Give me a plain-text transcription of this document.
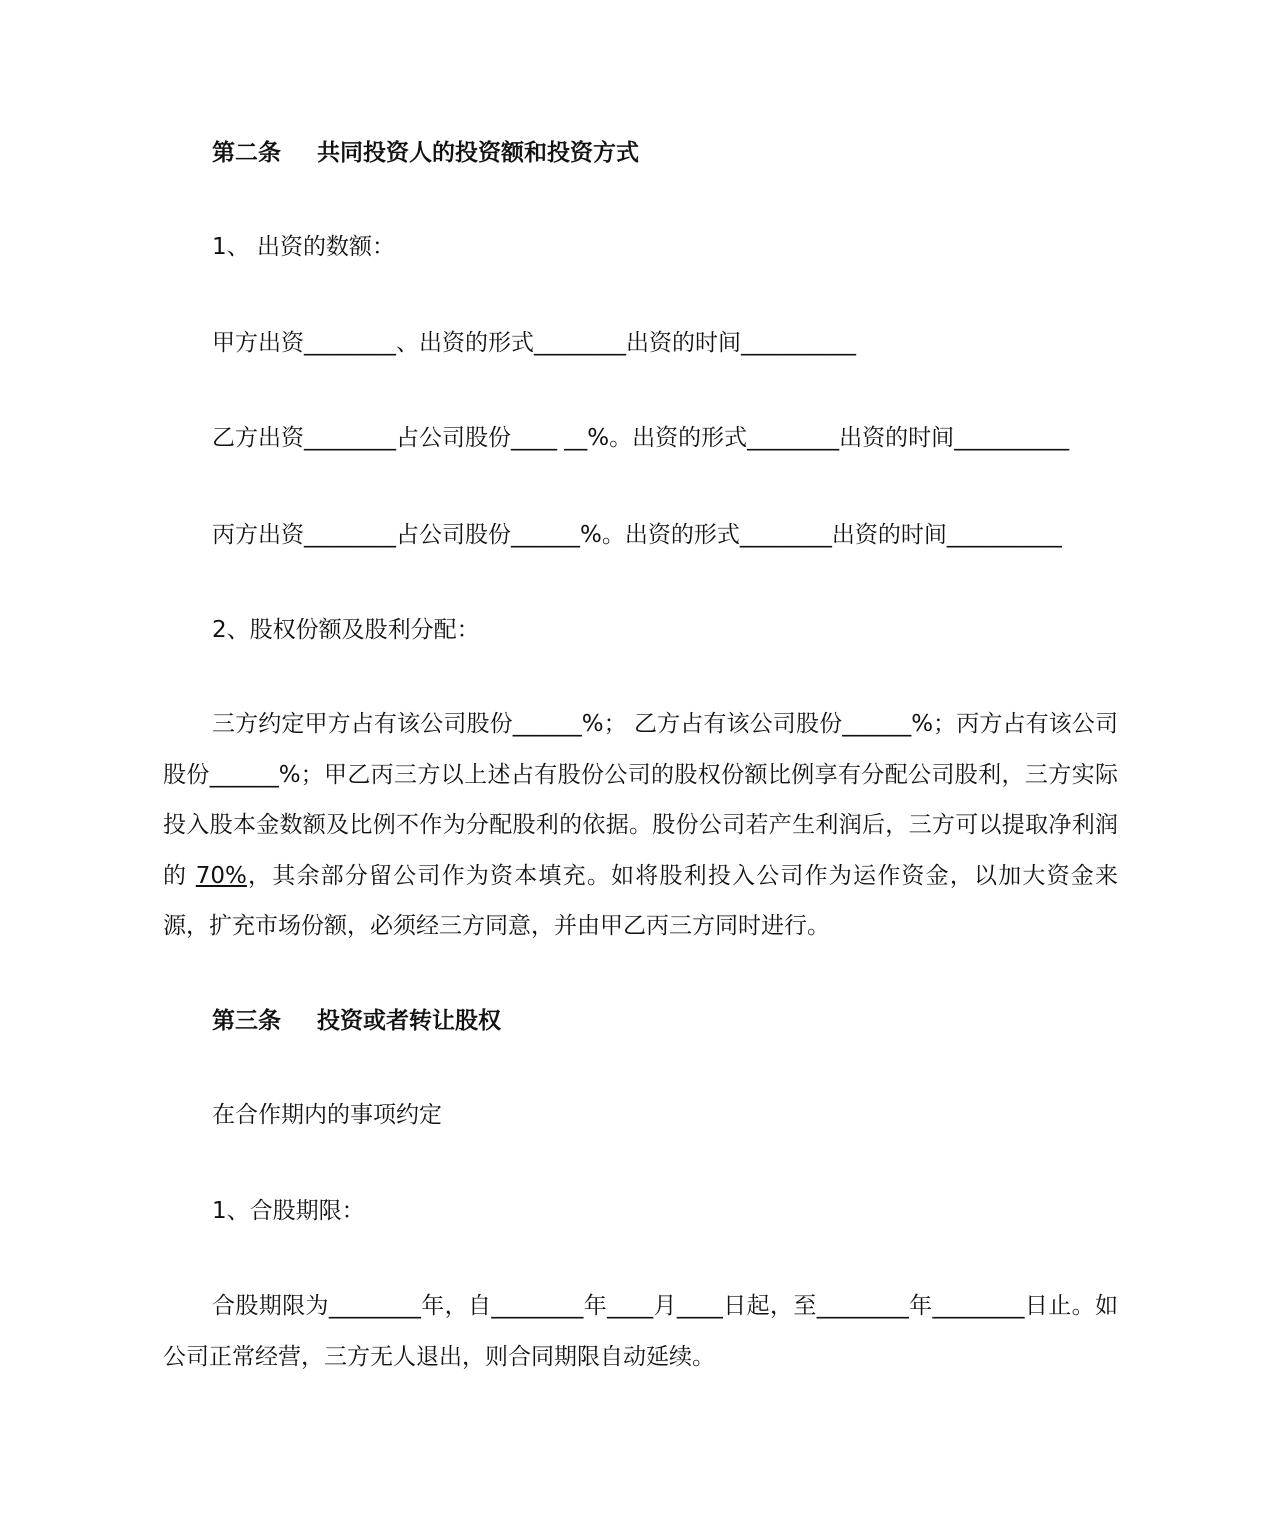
第二条 共同投资人的投资额和投资方式
1、 出资的数额：
甲方出资________、出资的形式________出资的时间__________
乙方出资________占公司股份____ __%。出资的形式________出资的时间__________
丙方出资________占公司股份______%。出资的形式________出资的时间__________
2、股权份额及股利分配：
三方约定甲方占有该公司股份______%； 乙方占有该公司股份______%；丙方占有该公司股份______%；甲乙丙三方以上述占有股份公司的股权份额比例享有分配公司股利，三方实际投入股本金数额及比例不作为分配股利的依据。股份公司若产生利润后，三方可以提取净利润的 70%，其余部分留公司作为资本填充。如将股利投入公司作为运作资金，以加大资金来源，扩充市场份额，必须经三方同意，并由甲乙丙三方同时进行。
第三条 投资或者转让股权
在合作期内的事项约定
1、合股期限：
合股期限为________年，自________年____月____日起，至________年________日止。如公司正常经营，三方无人退出，则合同期限自动延续。
